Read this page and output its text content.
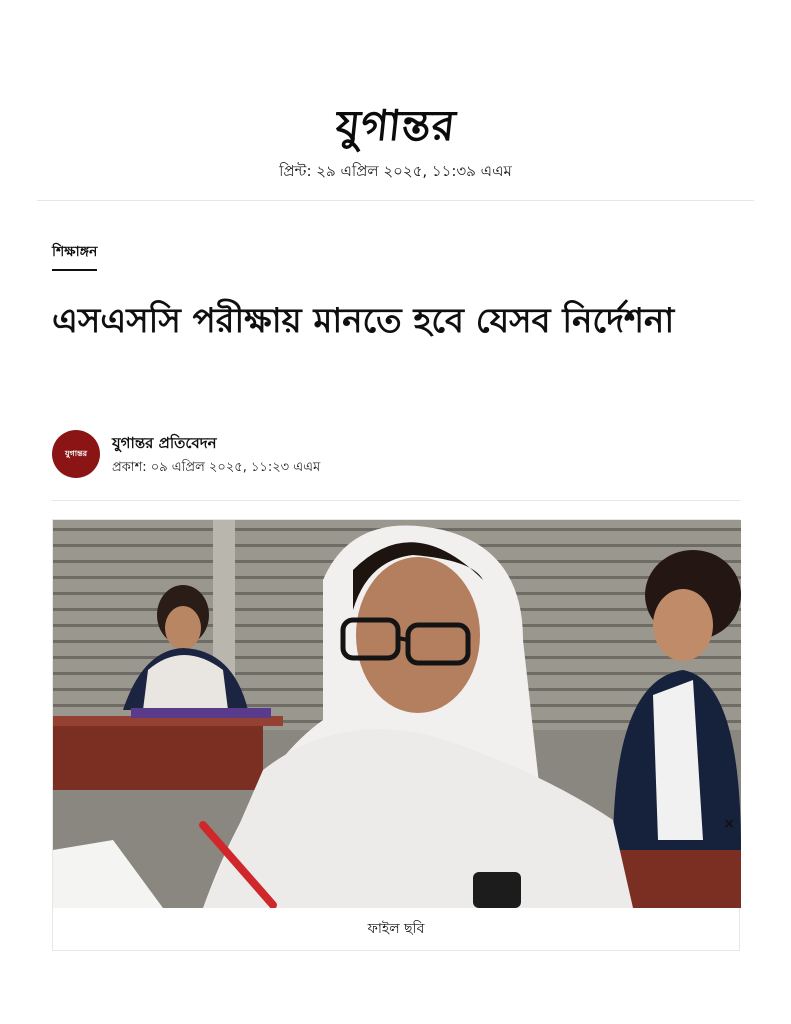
যুগান্তর
প্রিন্ট: ২৯ এপ্রিল ২০২৫, ১১:৩৯ এএম
শিক্ষাঙ্গন
এসএসসি পরীক্ষায় মানতে হবে যেসব নির্দেশনা
যুগান্তর
যুগান্তর প্রতিবেদন
প্রকাশ: ০৯ এপ্রিল ২০২৫, ১১:২৩ এএম
×
ফাইল ছবি
